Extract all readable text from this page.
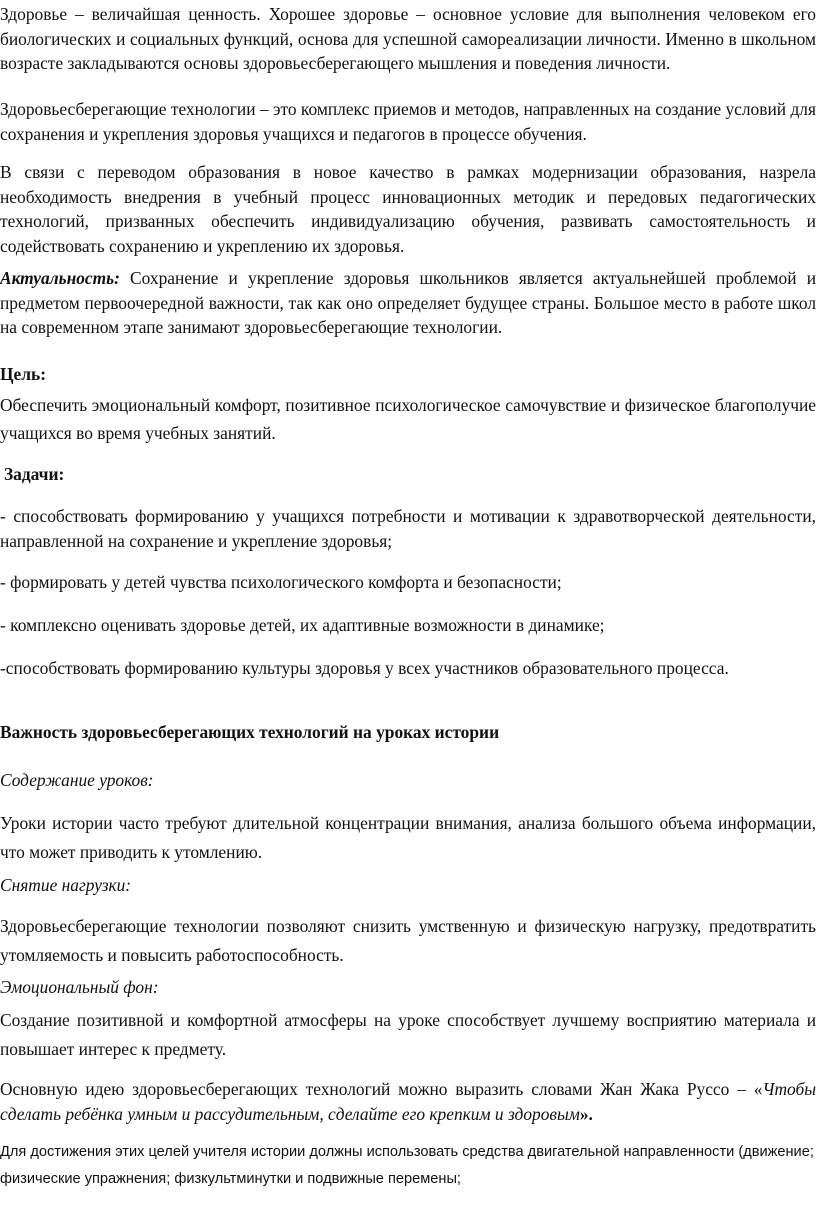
Здоровье – величайшая ценность. Хорошее здоровье – основное условие для выполнения человеком его биологических и социальных функций, основа для успешной самореализации личности. Именно в школьном возрасте закладываются основы здоровьесберегающего мышления и поведения личности.

Здоровьесберегающие технологии – это комплекс приемов и методов, направленных на создание условий для сохранения и укрепления здоровья учащихся и педагогов в процессе обучения.

В связи с переводом образования в новое качество в рамках модернизации образования, назрела необходимость внедрения в учебный процесс инновационных методик и передовых педагогических технологий, призванных обеспечить индивидуализацию обучения, развивать самостоятельность и содействовать сохранению и укреплению их здоровья.

Актуальность: Сохранение и укрепление здоровья школьников является актуальнейшей проблемой и предметом первоочередной важности, так как оно определяет будущее страны. Большое место в работе школ на современном этапе занимают здоровьесберегающие технологии.

Цель:

Обеспечить эмоциональный комфорт, позитивное психологическое самочувствие и физическое благополучие учащихся во время учебных занятий.

Задачи:

- способствовать формированию у учащихся потребности и мотивации к здравотворческой деятельности, направленной на сохранение и укрепление здоровья;

- формировать у детей чувства психологического комфорта и безопасности;

- комплексно оценивать здоровье детей, их адаптивные возможности в динамике;

-способствовать формированию культуры здоровья у всех участников образовательного процесса.

Важность здоровьесберегающих технологий на уроках истории

Содержание уроков:

Уроки истории часто требуют длительной концентрации внимания, анализа большого объема информации, что может приводить к утомлению.

Снятие нагрузки:

Здоровьесберегающие технологии позволяют снизить умственную и физическую нагрузку, предотвратить утомляемость и повысить работоспособность.

Эмоциональный фон:

Создание позитивной и комфортной атмосферы на уроке способствует лучшему восприятию материала и повышает интерес к предмету.

Основную идею здоровьесберегающих технологий можно выразить словами Жан Жака Руссо – «Чтобы сделать ребёнка умным и рассудительным, сделайте его крепким и здоровым».

Для достижения этих целей учителя истории должны использовать средства двигательной направленности (движение; физические упражнения; физкультминутки и подвижные перемены;
